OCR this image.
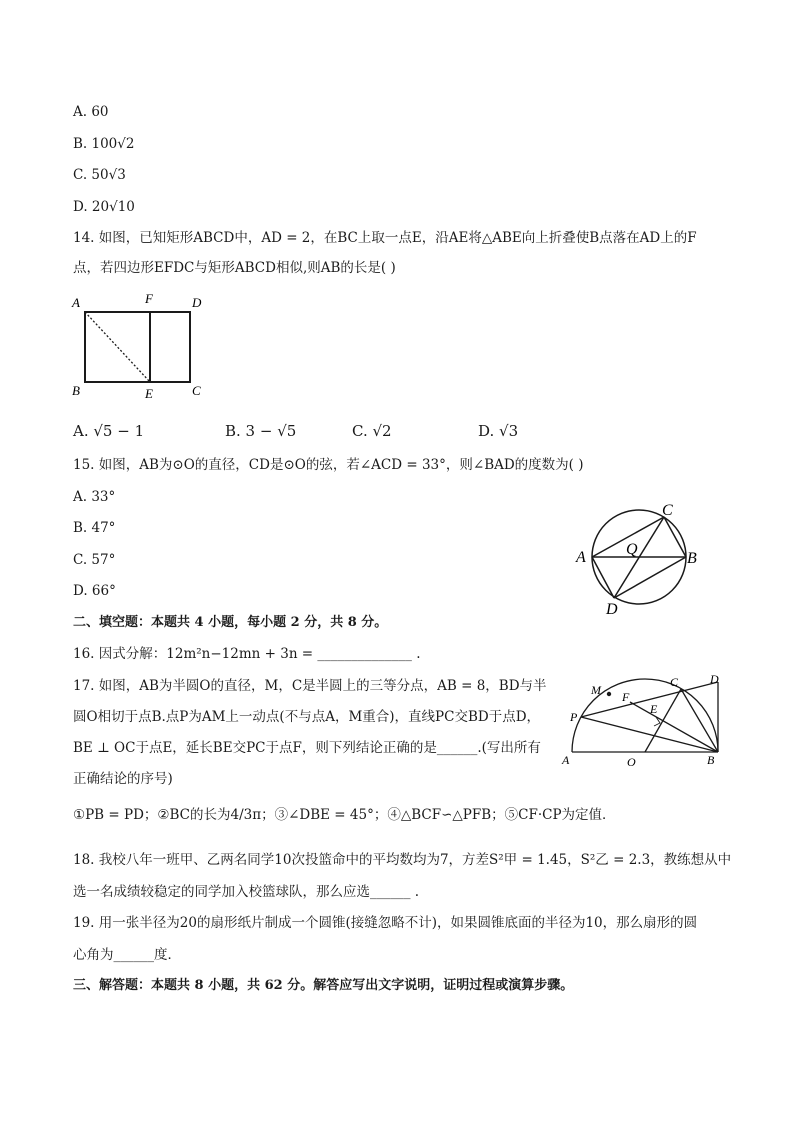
A. 60
B. 100√2
C. 50√3
D. 20√10
14. 如图，已知矩形ABCD中，AD = 2，在BC上取一点E，沿AE将△ABE向上折叠使B点落在AD上的F
点，若四边形EFDC与矩形ABCD相似,则AB的长是( )
A	F	D
B	E	C
A. √5 − 1	B. 3 − √5	C. √2	D. √3
15. 如图，AB为⊙O的直径，CD是⊙O的弦，若∠ACD = 33°，则∠BAD的度数为( )
A. 33°
B. 47°
C. 57°
D. 66°
A	B
C
D
Q
二、填空题：本题共 4 小题，每小题 2 分，共 8 分。
16. 因式分解：12m²n−12mn + 3n = ______________ .
17. 如图，AB为半圆O的直径，M，C是半圆上的三等分点，AB = 8，BD与半
圆O相切于点B.点P为AM上一动点(不与点A，M重合)，直线PC交BD于点D，
BE ⊥ OC于点E，延长BE交PC于点F，则下列结论正确的是______.(写出所有
正确结论的序号)
①PB = PD；②BC的长为4/3π；③∠DBE = 45°；④△BCF∽△PFB；⑤CF·CP为定值．
M
C	D
F
E
P
A	O	B
18. 我校八年一班甲、乙两名同学10次投篮命中的平均数均为7，方差S²甲 = 1.45，S²乙 = 2.3，教练想从中
选一名成绩较稳定的同学加入校篮球队，那么应选______ .
19. 用一张半径为20的扇形纸片制成一个圆锥(接缝忽略不计)，如果圆锥底面的半径为10，那么扇形的圆
心角为______度．
三、解答题：本题共 8 小题，共 62 分。解答应写出文字说明，证明过程或演算步骤。
